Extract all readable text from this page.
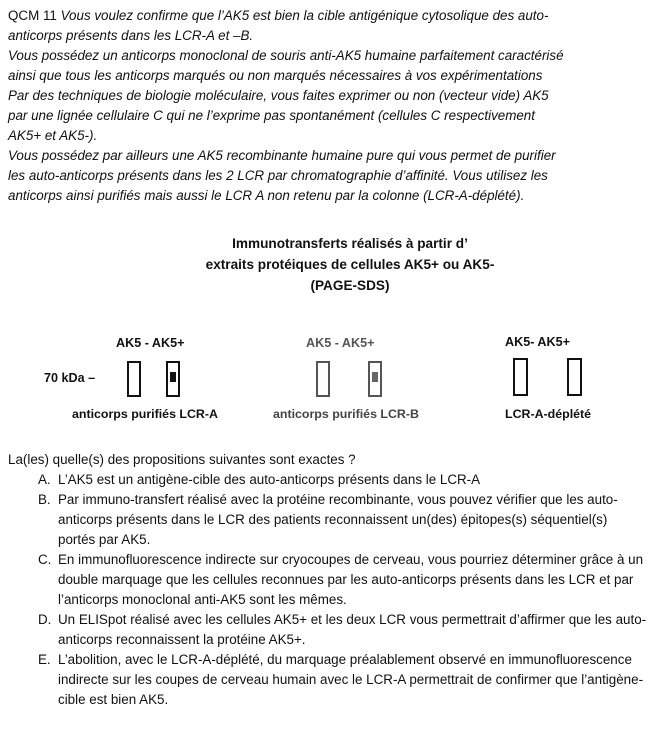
QCM 11 Vous voulez confirme que l’AK5 est bien la cible antigénique cytosolique des auto-
anticorps présents dans les LCR-A et –B.
Vous possédez un anticorps monoclonal de souris anti-AK5 humaine parfaitement caractérisé
ainsi que tous les anticorps marqués ou non marqués nécessaires à vos expérimentations
Par des techniques de biologie moléculaire, vous faites exprimer ou non (vecteur vide) AK5
par une lignée cellulaire C qui ne l’exprime pas spontanément (cellules C respectivement
AK5+ et AK5-).
Vous possédez par ailleurs une AK5 recombinante humaine pure qui vous permet de purifier
les auto-anticorps présents dans les 2 LCR par chromatographie d’affinité. Vous utilisez les
anticorps ainsi purifiés mais aussi le LCR A non retenu par la colonne (LCR-A-déplété).
Immunotransferts réalisés à partir d’
extraits protéiques de cellules AK5+ ou AK5-
(PAGE-SDS)
70 kDa –
AK5 - AK5+
anticorps purifiés LCR-A
AK5 - AK5+
anticorps purifiés LCR-B
AK5- AK5+
LCR-A-déplété
La(les) quelle(s) des propositions suivantes sont exactes ?
A. L’AK5 est un antigène-cible des auto-anticorps présents dans le LCR-A
B. Par immuno-transfert réalisé avec la protéine recombinante, vous pouvez vérifier que les auto-anticorps présents dans le LCR des patients reconnaissent un(des) épitopes(s) séquentiel(s) portés par AK5.
C. En immunofluorescence indirecte sur cryocoupes de cerveau, vous pourriez déterminer grâce à un double marquage que les cellules reconnues par les auto-anticorps présents dans les LCR et par l’anticorps monoclonal anti-AK5 sont les mêmes.
D. Un ELISpot réalisé avec les cellules AK5+ et les deux LCR vous permettrait d’affirmer que les auto-anticorps reconnaissent la protéine AK5+.
E. L’abolition, avec le LCR-A-déplété, du marquage préalablement observé en immunofluorescence indirecte sur les coupes de cerveau humain avec le LCR-A permettrait de confirmer que l’antigène-cible est bien AK5.
